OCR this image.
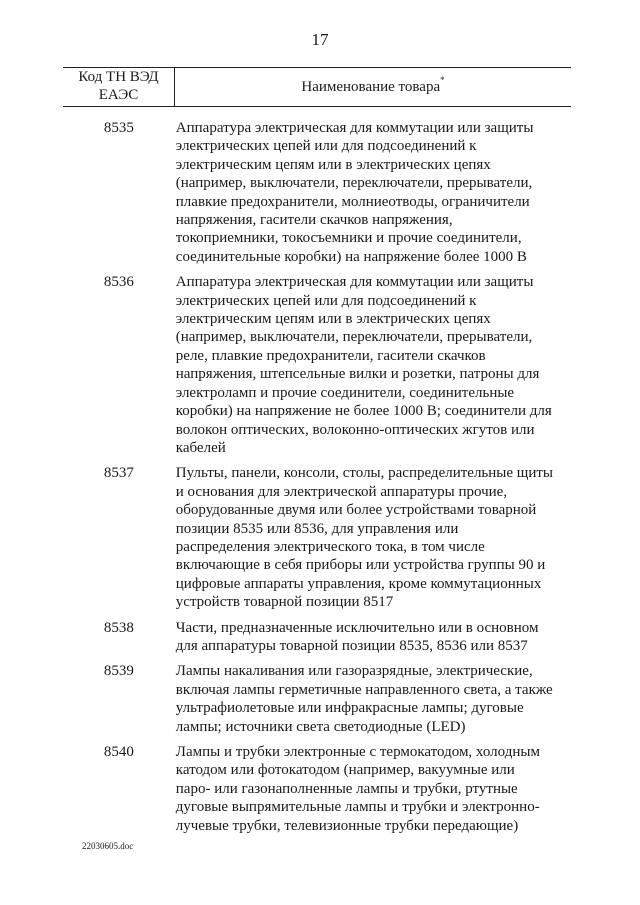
17
Код ТН ВЭД
ЕАЭС	Наименование товара*
8535	Аппаратура электрическая для коммутации или защиты
электрических цепей или для подсоединений к
электрическим цепям или в электрических цепях
(например, выключатели, переключатели, прерыватели,
плавкие предохранители, молниеотводы, ограничители
напряжения, гасители скачков напряжения,
токоприемники, токосъемники и прочие соединители,
соединительные коробки) на напряжение более 1000 В
8536	Аппаратура электрическая для коммутации или защиты
электрических цепей или для подсоединений к
электрическим цепям или в электрических цепях
(например, выключатели, переключатели, прерыватели,
реле, плавкие предохранители, гасители скачков
напряжения, штепсельные вилки и розетки, патроны для
электроламп и прочие соединители, соединительные
коробки) на напряжение не более 1000 В; соединители для
волокон оптических, волоконно-оптических жгутов или
кабелей
8537	Пульты, панели, консоли, столы, распределительные щиты
и основания для электрической аппаратуры прочие,
оборудованные двумя или более устройствами товарной
позиции 8535 или 8536, для управления или
распределения электрического тока, в том числе
включающие в себя приборы или устройства группы 90 и
цифровые аппараты управления, кроме коммутационных
устройств товарной позиции 8517
8538	Части, предназначенные исключительно или в основном
для аппаратуры товарной позиции 8535, 8536 или 8537
8539	Лампы накаливания или газоразрядные, электрические,
включая лампы герметичные направленного света, а также
ультрафиолетовые или инфракрасные лампы; дуговые
лампы; источники света светодиодные (LED)
8540	Лампы и трубки электронные с термокатодом, холодным
катодом или фотокатодом (например, вакуумные или
паро- или газонаполненные лампы и трубки, ртутные
дуговые выпрямительные лампы и трубки и электронно-
лучевые трубки, телевизионные трубки передающие)
22030605.doc
